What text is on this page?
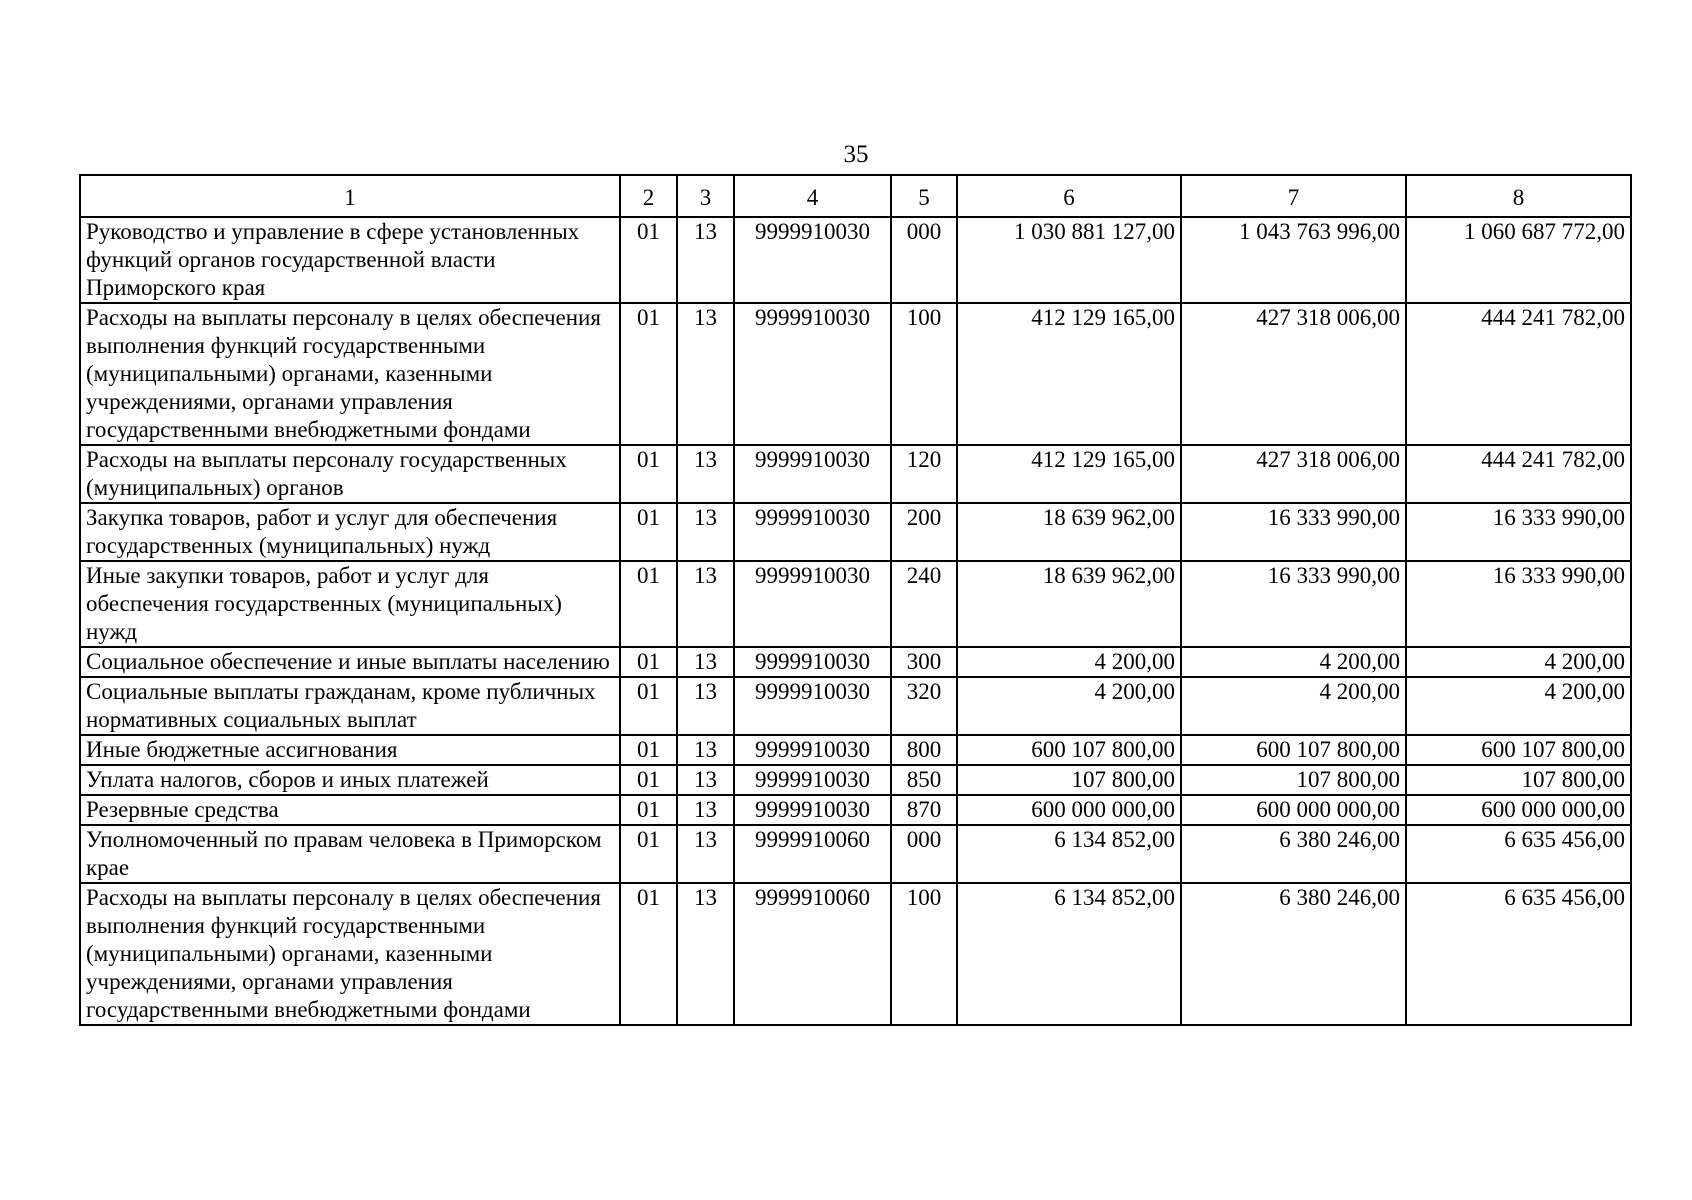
35
1	2	3	4	5	6	7	8
Руководство и управление в сфере установленных функций органов государственной власти Приморского края	01	13	9999910030	000	1 030 881 127,00	1 043 763 996,00	1 060 687 772,00
Расходы на выплаты персоналу в целях обеспечения выполнения функций государственными (муниципальными) органами, казенными учреждениями, органами управления государственными внебюджетными фондами	01	13	9999910030	100	412 129 165,00	427 318 006,00	444 241 782,00
Расходы на выплаты персоналу государственных (муниципальных) органов	01	13	9999910030	120	412 129 165,00	427 318 006,00	444 241 782,00
Закупка товаров, работ и услуг для обеспечения государственных (муниципальных) нужд	01	13	9999910030	200	18 639 962,00	16 333 990,00	16 333 990,00
Иные закупки товаров, работ и услуг для обеспечения государственных (муниципальных) нужд	01	13	9999910030	240	18 639 962,00	16 333 990,00	16 333 990,00
Социальное обеспечение и иные выплаты населению	01	13	9999910030	300	4 200,00	4 200,00	4 200,00
Социальные выплаты гражданам, кроме публичных нормативных социальных выплат	01	13	9999910030	320	4 200,00	4 200,00	4 200,00
Иные бюджетные ассигнования	01	13	9999910030	800	600 107 800,00	600 107 800,00	600 107 800,00
Уплата налогов, сборов и иных платежей	01	13	9999910030	850	107 800,00	107 800,00	107 800,00
Резервные средства	01	13	9999910030	870	600 000 000,00	600 000 000,00	600 000 000,00
Уполномоченный по правам человека в Приморском крае	01	13	9999910060	000	6 134 852,00	6 380 246,00	6 635 456,00
Расходы на выплаты персоналу в целях обеспечения выполнения функций государственными (муниципальными) органами, казенными учреждениями, органами управления государственными внебюджетными фондами	01	13	9999910060	100	6 134 852,00	6 380 246,00	6 635 456,00
